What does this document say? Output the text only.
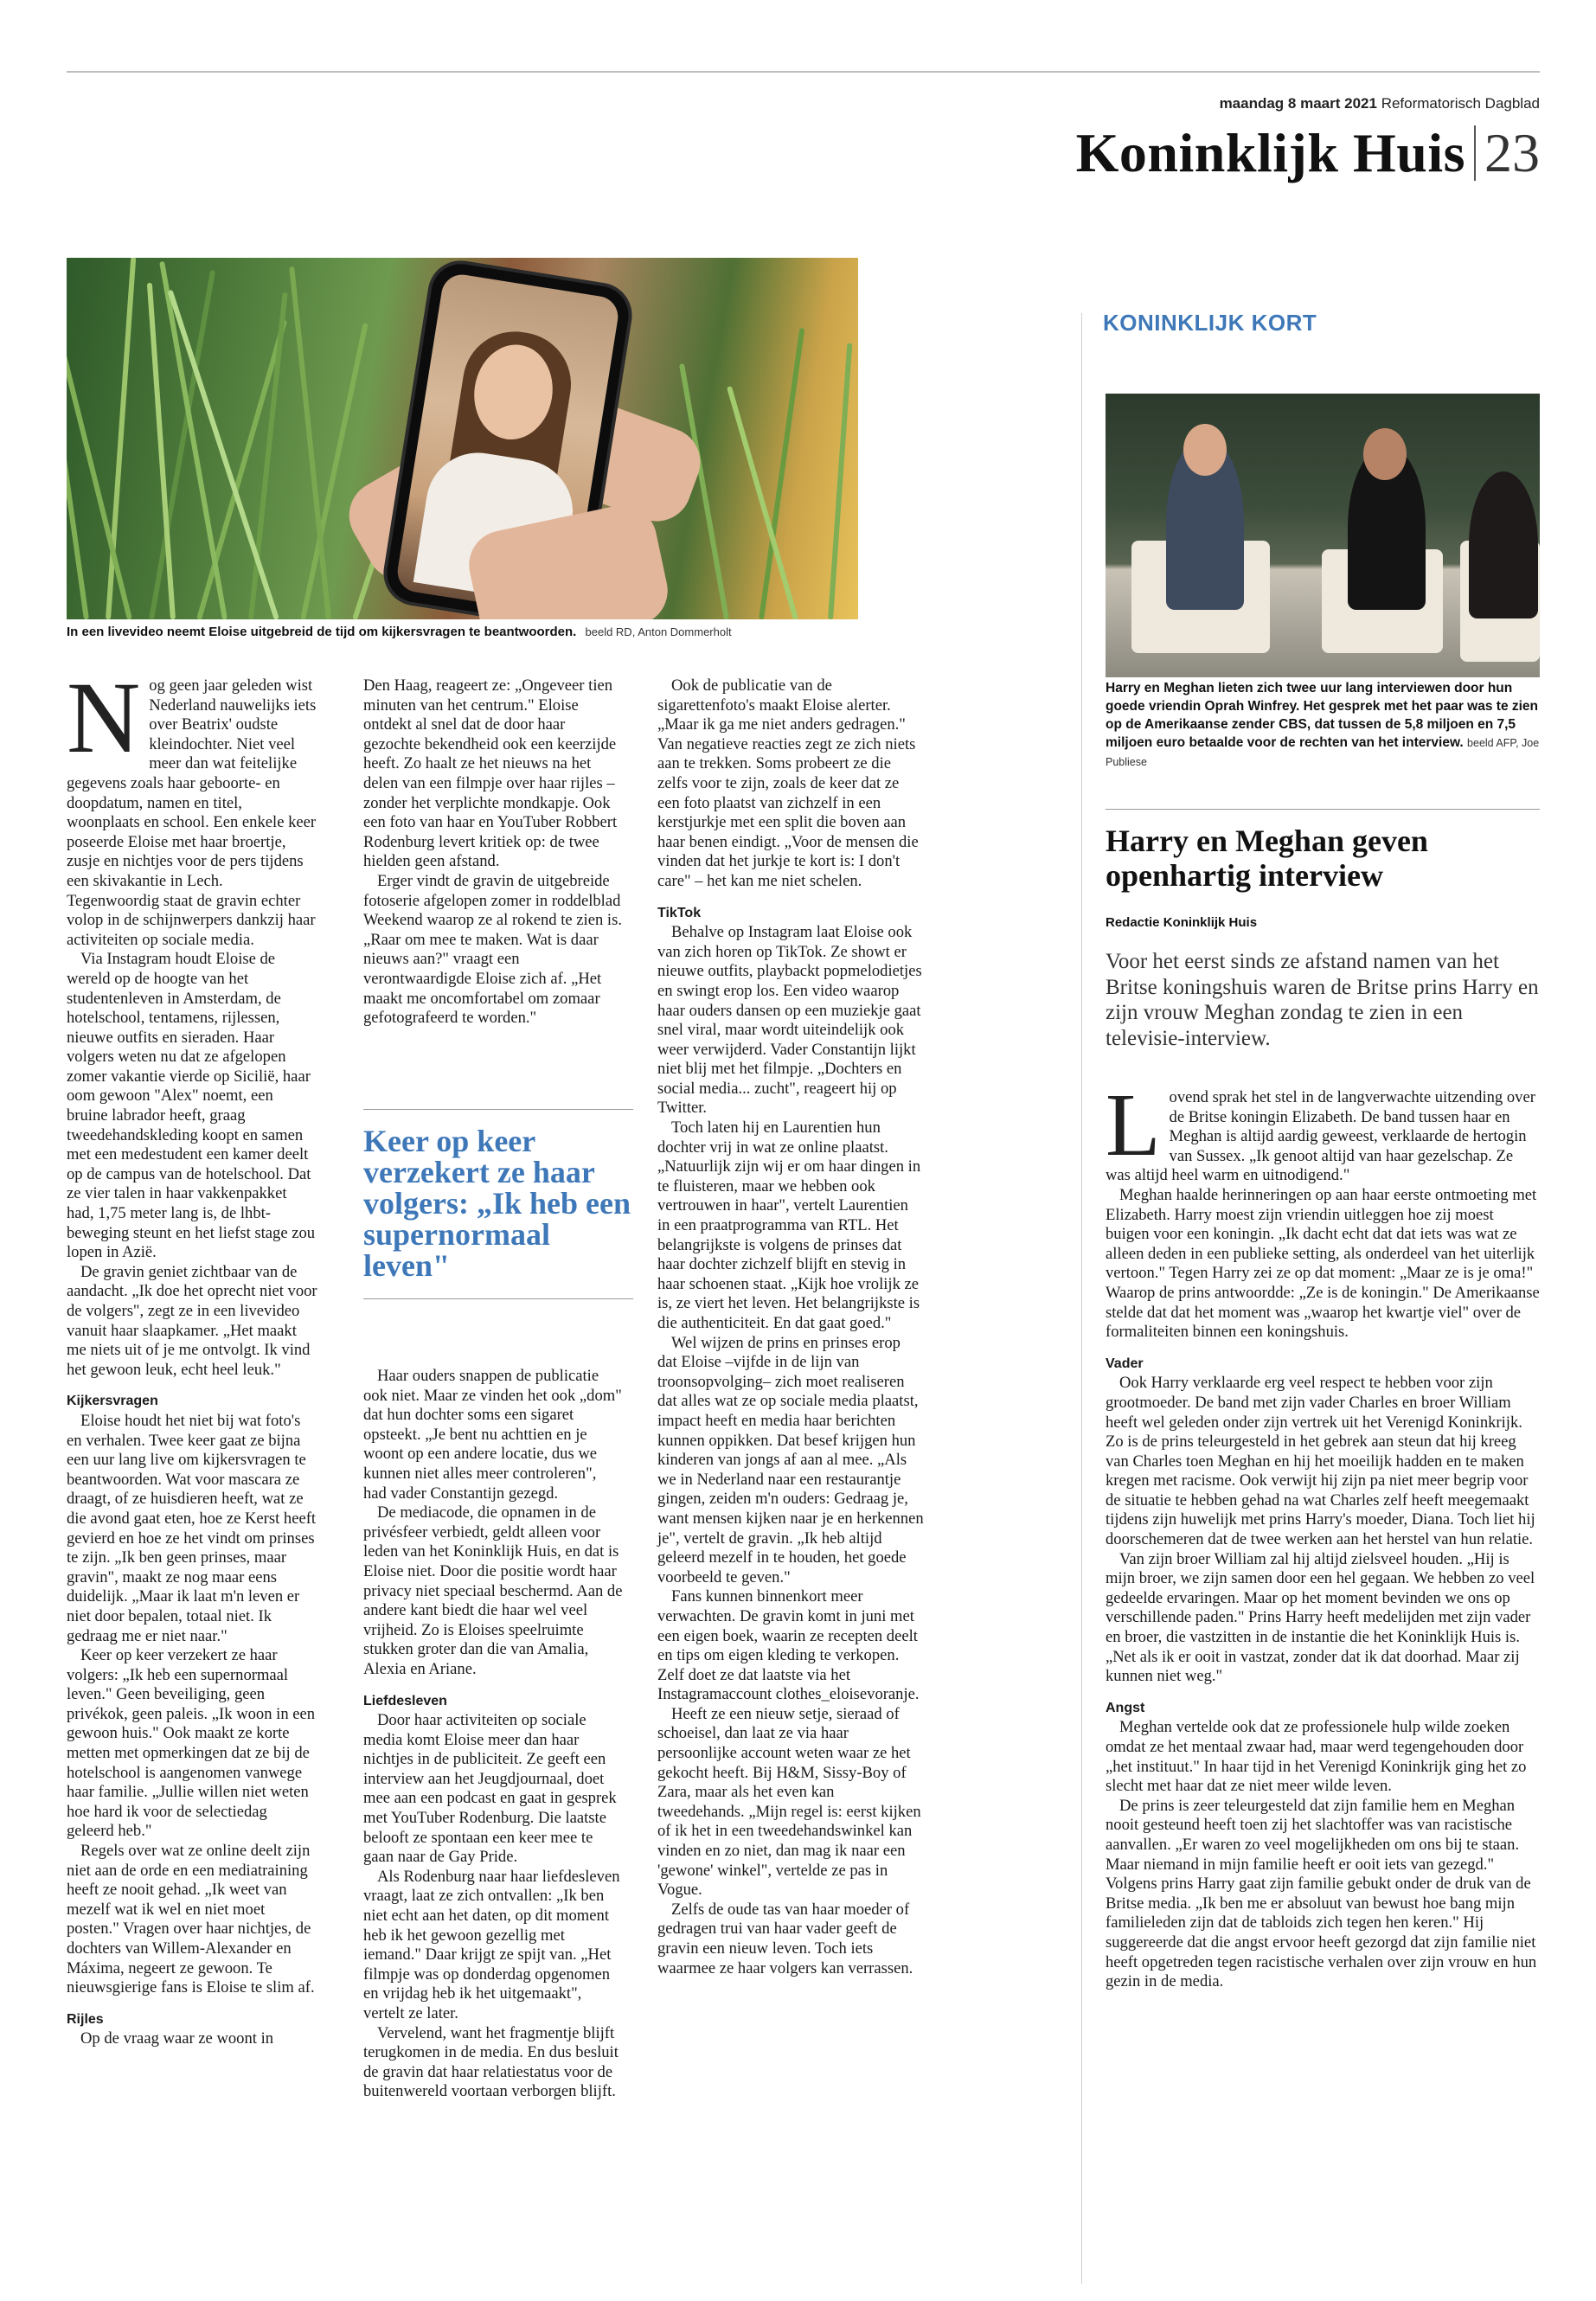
maandag 8 maart 2021 Reformatorisch Dagblad
Koninklijk Huis 23
In een livevideo neemt Eloise uitgebreid de tijd om kijkersvragen te beantwoorden. beeld RD, Anton Dommerholt

Nog geen jaar geleden wist Nederland nauwelijks iets over Beatrix' oudste kleindochter. Niet veel meer dan wat feitelijke gegevens zoals haar geboorte- en doopdatum, namen en titel, woonplaats en school. Een enkele keer poseerde Eloise met haar broertje, zusje en nichtjes voor de pers tijdens een skivakantie in Lech. Tegenwoordig staat de gravin echter volop in de schijnwerpers dankzij haar activiteiten op sociale media.

Via Instagram houdt Eloise de wereld op de hoogte van het studentenleven in Amsterdam, de hotelschool, tentamens, rijlessen, nieuwe outfits en sieraden. Haar volgers weten nu dat ze afgelopen zomer vakantie vierde op Sicilië, haar oom gewoon "Alex" noemt, een bruine labrador heeft, graag tweedehandskleding koopt en samen met een medestudent een kamer deelt op de campus van de hotelschool. Dat ze vier talen in haar vakkenpakket had, 1,75 meter lang is, de lhbt-beweging steunt en het liefst stage zou lopen in Azië.

De gravin geniet zichtbaar van de aandacht. „Ik doe het oprecht niet voor de volgers", zegt ze in een livevideo vanuit haar slaapkamer. „Het maakt me niets uit of je me ontvolgt. Ik vind het gewoon leuk, echt heel leuk."

Kijkersvragen

Eloise houdt het niet bij wat foto's en verhalen. Twee keer gaat ze bijna een uur lang live om kijkersvragen te beantwoorden. Wat voor mascara ze draagt, of ze huisdieren heeft, wat ze die avond gaat eten, hoe ze Kerst heeft gevierd en hoe ze het vindt om prinses te zijn. „Ik ben geen prinses, maar gravin", maakt ze nog maar eens duidelijk. „Maar ik laat m'n leven er niet door bepalen, totaal niet. Ik gedraag me er niet naar."

Keer op keer verzekert ze haar volgers: „Ik heb een supernormaal leven." Geen beveiliging, geen privékok, geen paleis. „Ik woon in een gewoon huis." Ook maakt ze korte metten met opmerkingen dat ze bij de hotelschool is aangenomen vanwege haar familie. „Jullie willen niet weten hoe hard ik voor de selectiedag geleerd heb."

Regels over wat ze online deelt zijn niet aan de orde en een mediatraining heeft ze nooit gehad. „Ik weet van mezelf wat ik wel en niet moet posten." Vragen over haar nichtjes, de dochters van Willem-Alexander en Máxima, negeert ze gewoon. Te nieuwsgierige fans is Eloise te slim af.

Rijles

Op de vraag waar ze woont in

Den Haag, reageert ze: „Ongeveer tien minuten van het centrum." Eloise ontdekt al snel dat de door haar gezochte bekendheid ook een keerzijde heeft. Zo haalt ze het nieuws na het delen van een filmpje over haar rijles – zonder het verplichte mondkapje. Ook een foto van haar en YouTuber Robbert Rodenburg levert kritiek op: de twee hielden geen afstand.

Erger vindt de gravin de uitgebreide fotoserie afgelopen zomer in roddelblad Weekend waarop ze al rokend te zien is. „Raar om mee te maken. Wat is daar nieuws aan?" vraagt een verontwaardigde Eloise zich af. „Het maakt me oncomfortabel om zomaar gefotografeerd te worden."

Keer op keer verzekert ze haar volgers: „Ik heb een supernormaal leven"

Haar ouders snappen de publicatie ook niet. Maar ze vinden het ook „dom" dat hun dochter soms een sigaret opsteekt. „Je bent nu achttien en je woont op een andere locatie, dus we kunnen niet alles meer controleren", had vader Constantijn gezegd.

De mediacode, die opnamen in de privésfeer verbiedt, geldt alleen voor leden van het Koninklijk Huis, en dat is Eloise niet. Door die positie wordt haar privacy niet speciaal beschermd. Aan de andere kant biedt die haar wel veel vrijheid. Zo is Eloises speelruimte stukken groter dan die van Amalia, Alexia en Ariane.

Liefdesleven

Door haar activiteiten op sociale media komt Eloise meer dan haar nichtjes in de publiciteit. Ze geeft een interview aan het Jeugdjournaal, doet mee aan een podcast en gaat in gesprek met YouTuber Rodenburg. Die laatste belooft ze spontaan een keer mee te gaan naar de Gay Pride.

Als Rodenburg naar haar liefdesleven vraagt, laat ze zich ontvallen: „Ik ben niet echt aan het daten, op dit moment heb ik het gewoon gezellig met iemand." Daar krijgt ze spijt van. „Het filmpje was op donderdag opgenomen en vrijdag heb ik het uitgemaakt", vertelt ze later.

Vervelend, want het fragmentje blijft terugkomen in de media. En dus besluit de gravin dat haar relatiestatus voor de buitenwereld voortaan verborgen blijft.

Ook de publicatie van de sigarettenfoto's maakt Eloise alerter. „Maar ik ga me niet anders gedragen." Van negatieve reacties zegt ze zich niets aan te trekken. Soms probeert ze die zelfs voor te zijn, zoals de keer dat ze een foto plaatst van zichzelf in een kerstjurkje met een split die boven aan haar benen eindigt. „Voor de mensen die vinden dat het jurkje te kort is: I don't care" – het kan me niet schelen.

TikTok

Behalve op Instagram laat Eloise ook van zich horen op TikTok. Ze showt er nieuwe outfits, playbackt popmelodietjes en swingt erop los. Een video waarop haar ouders dansen op een muziekje gaat snel viral, maar wordt uiteindelijk ook weer verwijderd. Vader Constantijn lijkt niet blij met het filmpje. „Dochters en social media... zucht", reageert hij op Twitter.

Toch laten hij en Laurentien hun dochter vrij in wat ze online plaatst. „Natuurlijk zijn wij er om haar dingen in te fluisteren, maar we hebben ook vertrouwen in haar", vertelt Laurentien in een praatprogramma van RTL. Het belangrijkste is volgens de prinses dat haar dochter zichzelf blijft en stevig in haar schoenen staat. „Kijk hoe vrolijk ze is, ze viert het leven. Het belangrijkste is die authenticiteit. En dat gaat goed."

Wel wijzen de prins en prinses erop dat Eloise –vijfde in de lijn van troonsopvolging– zich moet realiseren dat alles wat ze op sociale media plaatst, impact heeft en media haar berichten kunnen oppikken. Dat besef krijgen hun kinderen van jongs af aan al mee. „Als we in Nederland naar een restaurantje gingen, zeiden m'n ouders: Gedraag je, want mensen kijken naar je en herkennen je", vertelt de gravin. „Ik heb altijd geleerd mezelf in te houden, het goede voorbeeld te geven."

Fans kunnen binnenkort meer verwachten. De gravin komt in juni met een eigen boek, waarin ze recepten deelt en tips om eigen kleding te verkopen. Zelf doet ze dat laatste via het Instagramaccount clothes_eloisevoranje.

Heeft ze een nieuw setje, sieraad of schoeisel, dan laat ze via haar persoonlijke account weten waar ze het gekocht heeft. Bij H&M, Sissy-Boy of Zara, maar als het even kan tweedehands. „Mijn regel is: eerst kijken of ik het in een tweedehandswinkel kan vinden en zo niet, dan mag ik naar een 'gewone' winkel", vertelde ze pas in Vogue.

Zelfs de oude tas van haar moeder of gedragen trui van haar vader geeft de gravin een nieuw leven. Toch iets waarmee ze haar volgers kan verrassen.

KONINKLIJK KORT
Harry en Meghan lieten zich twee uur lang interviewen door hun goede vriendin Oprah Winfrey. Het gesprek met het paar was te zien op de Amerikaanse zender CBS, dat tussen de 5,8 miljoen en 7,5 miljoen euro betaalde voor de rechten van het interview. beeld AFP, Joe Publiese
Harry en Meghan geven openhartig interview
Redactie Koninklijk Huis
Voor het eerst sinds ze afstand namen van het Britse koningshuis waren de Britse prins Harry en zijn vrouw Meghan zondag te zien in een televisie-interview.

Lovend sprak het stel in de langverwachte uitzending over de Britse koningin Elizabeth. De band tussen haar en Meghan is altijd aardig geweest, verklaarde de hertogin van Sussex. „Ik genoot altijd van haar gezelschap. Ze was altijd heel warm en uitnodigend."

Meghan haalde herinneringen op aan haar eerste ontmoeting met Elizabeth. Harry moest zijn vriendin uitleggen hoe zij moest buigen voor een koningin. „Ik dacht echt dat dat iets was wat ze alleen deden in een publieke setting, als onderdeel van het uiterlijk vertoon." Tegen Harry zei ze op dat moment: „Maar ze is je oma!" Waarop de prins antwoordde: „Ze is de koningin." De Amerikaanse stelde dat dat het moment was „waarop het kwartje viel" over de formaliteiten binnen een koningshuis.

Vader

Ook Harry verklaarde erg veel respect te hebben voor zijn grootmoeder. De band met zijn vader Charles en broer William heeft wel geleden onder zijn vertrek uit het Verenigd Koninkrijk. Zo is de prins teleurgesteld in het gebrek aan steun dat hij kreeg van Charles toen Meghan en hij het moeilijk hadden en te maken kregen met racisme. Ook verwijt hij zijn pa niet meer begrip voor de situatie te hebben gehad na wat Charles zelf heeft meegemaakt tijdens zijn huwelijk met prins Harry's moeder, Diana. Toch liet hij doorschemeren dat de twee werken aan het herstel van hun relatie.

Van zijn broer William zal hij altijd zielsveel houden. „Hij is mijn broer, we zijn samen door een hel gegaan. We hebben zo veel gedeelde ervaringen. Maar op het moment bevinden we ons op verschillende paden." Prins Harry heeft medelijden met zijn vader en broer, die vastzitten in de instantie die het Koninklijk Huis is. „Net als ik er ooit in vastzat, zonder dat ik dat doorhad. Maar zij kunnen niet weg."

Angst

Meghan vertelde ook dat ze professionele hulp wilde zoeken omdat ze het mentaal zwaar had, maar werd tegengehouden door „het instituut." In haar tijd in het Verenigd Koninkrijk ging het zo slecht met haar dat ze niet meer wilde leven.

De prins is zeer teleurgesteld dat zijn familie hem en Meghan nooit gesteund heeft toen zij het slachtoffer was van racistische aanvallen. „Er waren zo veel mogelijkheden om ons bij te staan. Maar niemand in mijn familie heeft er ooit iets van gezegd." Volgens prins Harry gaat zijn familie gebukt onder de druk van de Britse media. „Ik ben me er absoluut van bewust hoe bang mijn familieleden zijn dat de tabloids zich tegen hen keren." Hij suggereerde dat die angst ervoor heeft gezorgd dat zijn familie niet heeft opgetreden tegen racistische verhalen over zijn vrouw en hun gezin in de media.
